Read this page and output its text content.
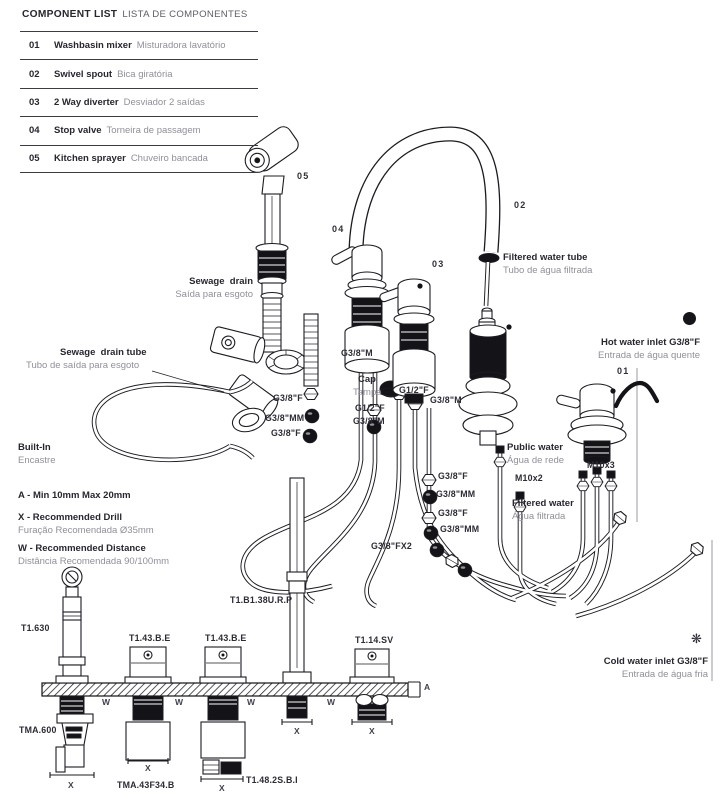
COMPONENT LIST LISTA DE COMPONENTES
01	Washbasin mixer Misturadora lavatório
02	Swivel spout Bica giratória
03	2 Way diverter Desviador 2 saídas
04	Stop valve Torneira de passagem
05	Kitchen sprayer Chuveiro bancada
05
04
02
03
01
Filtered water tube
Tubo de água filtrada
Sewage  drain
Saída para esgoto
Sewage  drain tube
Tubo de saída para esgoto
Hot water inlet G3/8"F
Entrada de água quente
Cold water inlet G3/8"F
Entrada de água fria
Public water
Água de rede
Filtered water
Água filtrada
Cap
Tampa
Built-In
Encastre
A - Min 10mm Max 20mm
X - Recommended Drill
Furação Recomendada Ø35mm
W - Recommended Distance
Distância Recomendada 90/100mm
G3/8"M
G1/2"F
G3/8"M
G1/2"F
G3/8"M
G3/8"F
G3/8"MM
G3/8"F
G3/8"F
G3/8"MM
G3/8"F
G3/8"MM
G3/8"FX2
M10x2
M10x3
T1.630
T1.43.B.E	T1.43.B.E
T1.B1.38U.R.P
T1.14.SV
TMA.600
TMA.43F34.B	T1.48.2S.B.I
W	W	W	W
X
X
X
X	X
A
❋
